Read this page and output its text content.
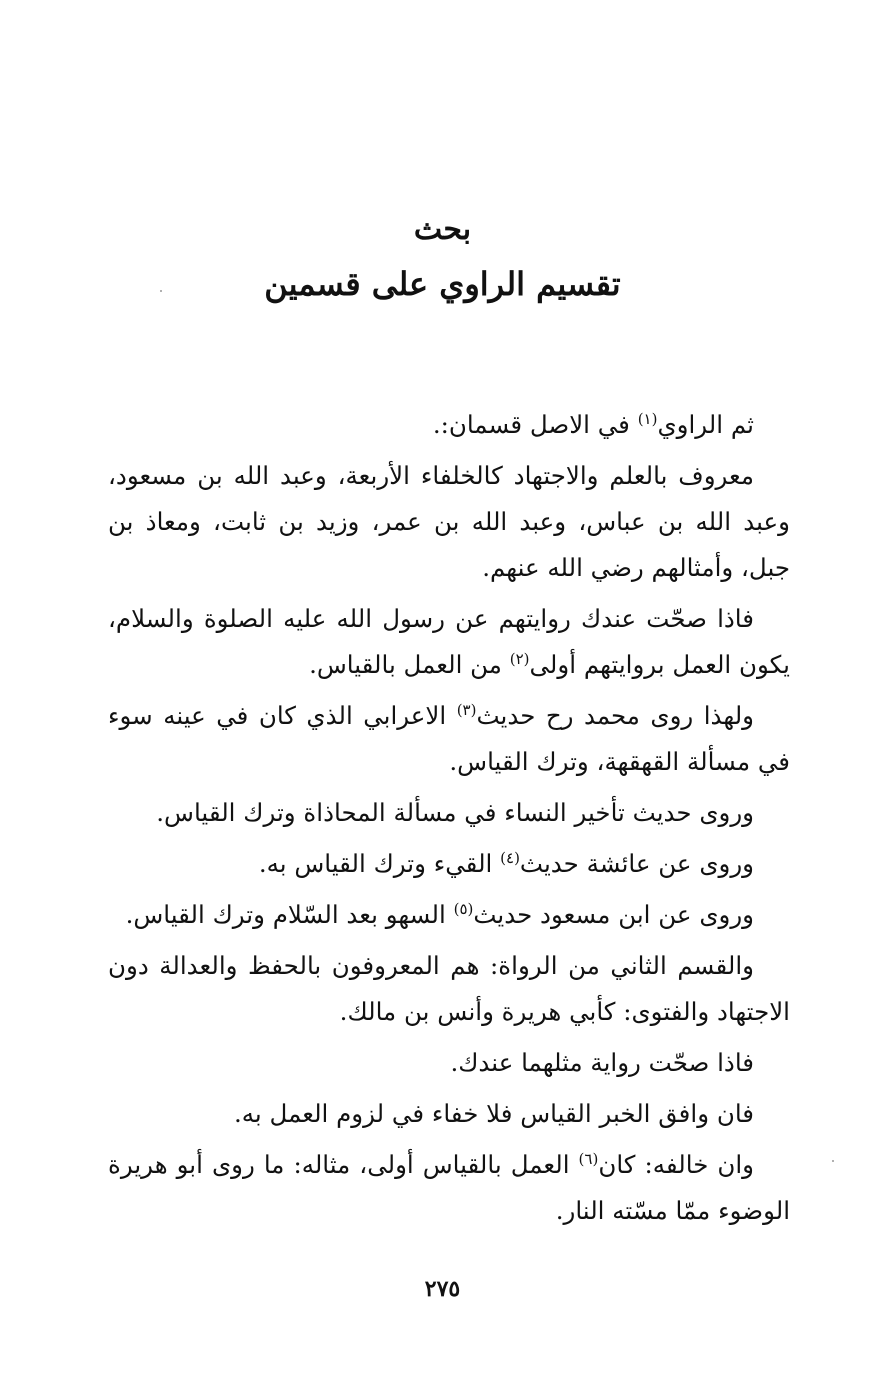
بحث
تقسيم الراوي على قسمين

ثم الراوي$^{(١)}$ في الاصل قسمان:.

معروف بالعلم والاجتهاد كالخلفاء الأربعة، وعبد الله بن مسعود، وعبد الله بن عباس، وعبد الله بن عمر، وزيد بن ثابت، ومعاذ بن جبل، وأمثالهم رضي الله عنهم.

فاذا صحّت عندك روايتهم عن رسول الله عليه الصلوة والسلام، يكون العمل بروايتهم أولى$^{(٢)}$ من العمل بالقياس.

ولهذا روى محمد رح حديث$^{(٣)}$ الاعرابي الذي كان في عينه سوء في مسألة القهقهة، وترك القياس.

وروى حديث تأخير النساء في مسألة المحاذاة وترك القياس.

وروى عن عائشة حديث$^{(٤)}$ القيء وترك القياس به.

وروى عن ابن مسعود حديث$^{(٥)}$ السهو بعد السّلام وترك القياس.

والقسم الثاني من الرواة: هم المعروفون بالحفظ والعدالة دون الاجتهاد والفتوى: كأبي هريرة وأنس بن مالك.

فاذا صحّت رواية مثلهما عندك.

فان وافق الخبر القياس فلا خفاء في لزوم العمل به.

وان خالفه: كان$^{(٦)}$ العمل بالقياس أولى، مثاله: ما روى أبو هريرة الوضوء ممّا مسّته النار.

٢٧٥
